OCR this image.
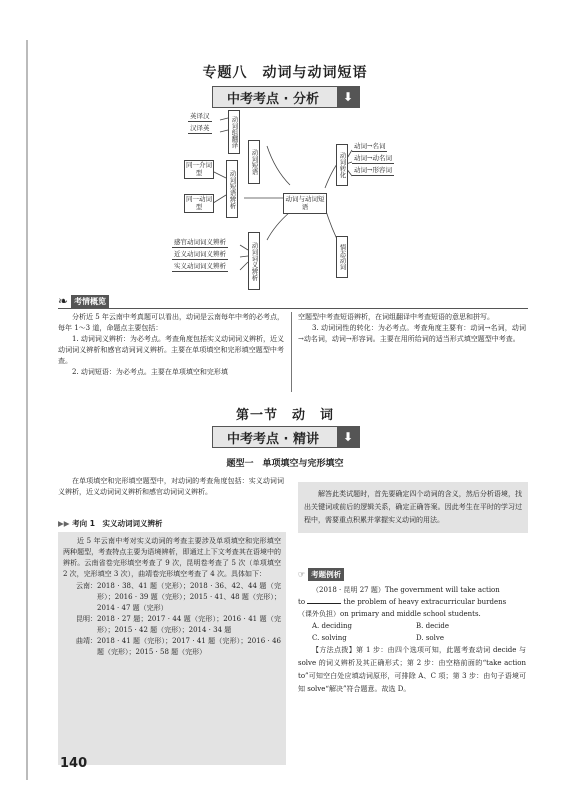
专题八　动词与动词短语
中考考点 · 分析	⬇
英译汉
汉译英	动词组翻译
同一介词型
同一动词型	动词短语辨析
动词短语
动词与动词短语
感官动词词义辨析
近义动词词义辨析
实义动词词义辨析	动词词义辨析
动词转化
动词→名词
动词→动名词
动词→形容词
情态动词
❧ 考情概览

分析近 5 年云南中考真题可以看出，动词是云南每年中考的必考点，每年 1～3 道，命题点主要包括：

1. 动词词义辨析：为必考点。考查角度包括实义动词词义辨析，近义动词词义辨析和感官动词词义辨析。主要在单项填空和完形填空题型中考查。

2. 动词短语：为必考点。主要在单项填空和完形填

空题型中考查短语辨析，在词组翻译中考查短语的意思和拼写。

3. 动词词性的转化：为必考点。考查角度主要有：动词→名词，动词→动名词，动词→形容词。主要在用所给词的适当形式填空题型中考查。

第一节　动　词
中考考点 · 精讲	⬇
题型一　单项填空与完形填空
在单项填空和完形填空题型中，对动词的考查角度包括：实义动词词义辨析，近义动词词义辨析和感官动词词义辨析。
▶▶ 考向 1　实义动词词义辨析

近 5 年云南中考对实义动词的考查主要涉及单项填空和完形填空两种题型，考查特点主要为语境辨析，即通过上下文考查其在语境中的辨析。云南省卷完形填空考查了 9 次，昆明卷考查了 5 次（单项填空 2 次，完形填空 3 次），曲靖卷完形填空考查了 4 次。具体如下：

云南： 2018 · 38、41 题（完形）；2018 · 36、42、44 题（完形）；2016 · 39 题（完形）；2015 · 41、48 题（完形）；2014 · 47 题（完形）
昆明： 2018 · 27 题；2017 · 44 题（完形）；2016 · 41 题（完形）；2015 · 42 题（完形）；2014 · 34 题
曲靖： 2018 · 41 题（完形）；2017 · 41 题（完形）；2016 · 46 题（完形）；2015 · 58 题（完形）
解答此类试题时，首先要确定四个动词的含义，然后分析语境，找出关键词或前后的逻辑关系，确定正确答案。因此考生在平时的学习过程中，需要重点积累并掌握实义动词的用法。
☞ 考题例析
（2018 · 昆明 27 题）The government will take action
to	the problem of heavy extracurricular burdens
（课外负担）on primary and middle school students.
A. deciding	B. decide
C. solving	D. solve

【方法点拨】第 1 步：由四个选项可知，此题考查动词 decide 与 solve 的词义辨析及其正确形式；第 2 步：由空格前面的“take action to”可知空白处应填动词原形，可排除 A、C 项；第 3 步：由句子语境可知 solve“解决”符合题意。故选 D。

140
